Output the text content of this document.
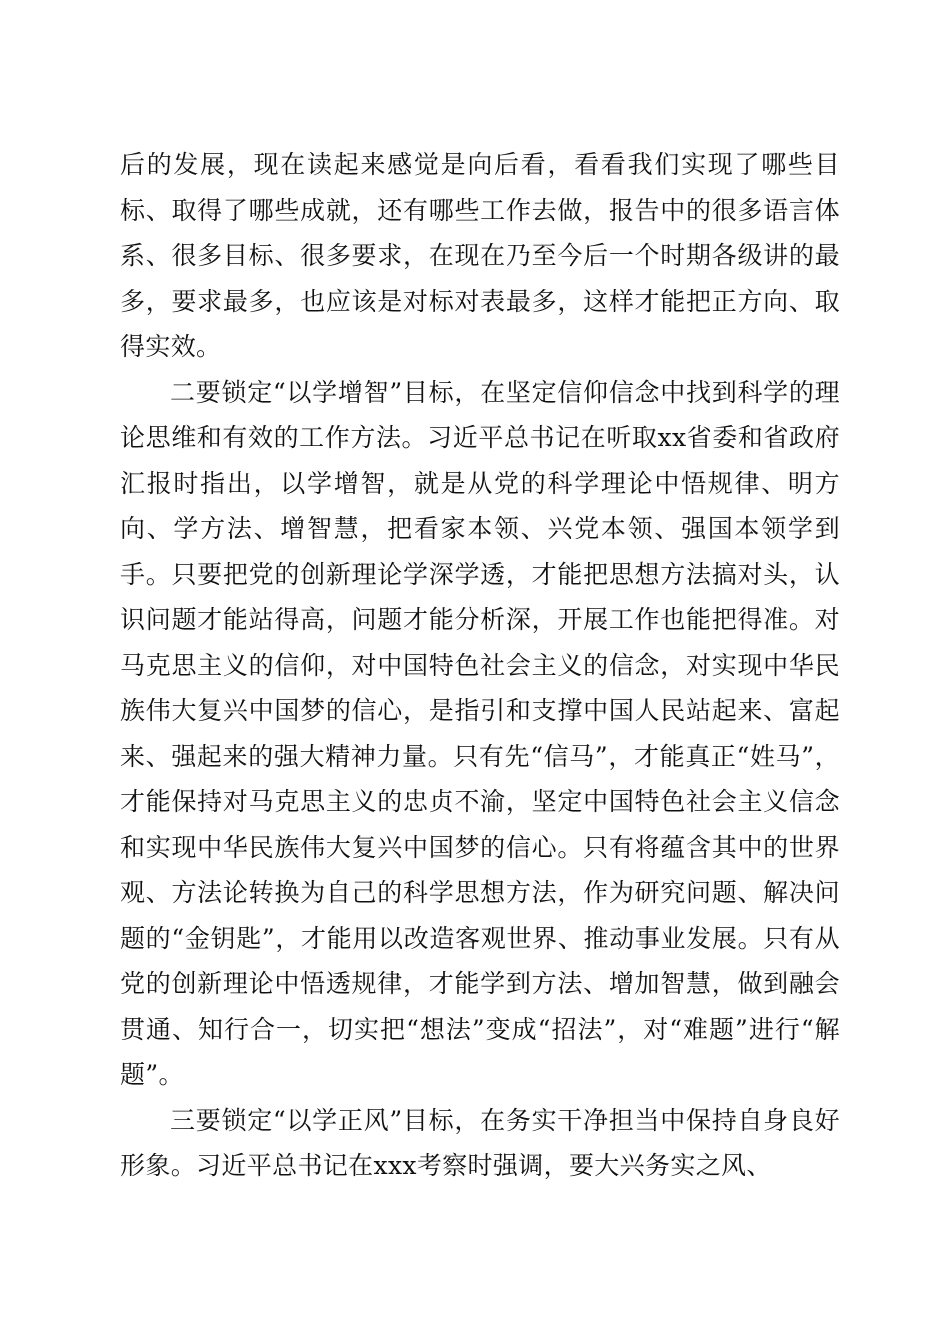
后的发展，现在读起来感觉是向后看，看看我们实现了哪些目标、取得了哪些成就，还有哪些工作去做，报告中的很多语言体系、很多目标、很多要求，在现在乃至今后一个时期各级讲的最多，要求最多，也应该是对标对表最多，这样才能把正方向、取得实效。

二要锁定“以学增智”目标，在坚定信仰信念中找到科学的理论思维和有效的工作方法。习近平总书记在听取xx省委和省政府汇报时指出，以学增智，就是从党的科学理论中悟规律、明方向、学方法、增智慧，把看家本领、兴党本领、强国本领学到手。只要把党的创新理论学深学透，才能把思想方法搞对头，认识问题才能站得高，问题才能分析深，开展工作也能把得准。对马克思主义的信仰，对中国特色社会主义的信念，对实现中华民族伟大复兴中国梦的信心，是指引和支撑中国人民站起来、富起来、强起来的强大精神力量。只有先“信马”，才能真正“姓马”，才能保持对马克思主义的忠贞不渝，坚定中国特色社会主义信念和实现中华民族伟大复兴中国梦的信心。只有将蕴含其中的世界观、方法论转换为自己的科学思想方法，作为研究问题、解决问题的“金钥匙”，才能用以改造客观世界、推动事业发展。只有从党的创新理论中悟透规律，才能学到方法、增加智慧，做到融会贯通、知行合一，切实把“想法”变成“招法”，对“难题”进行“解题”。

三要锁定“以学正风”目标，在务实干净担当中保持自身良好形象。习近平总书记在xxx考察时强调，要大兴务实之风、
